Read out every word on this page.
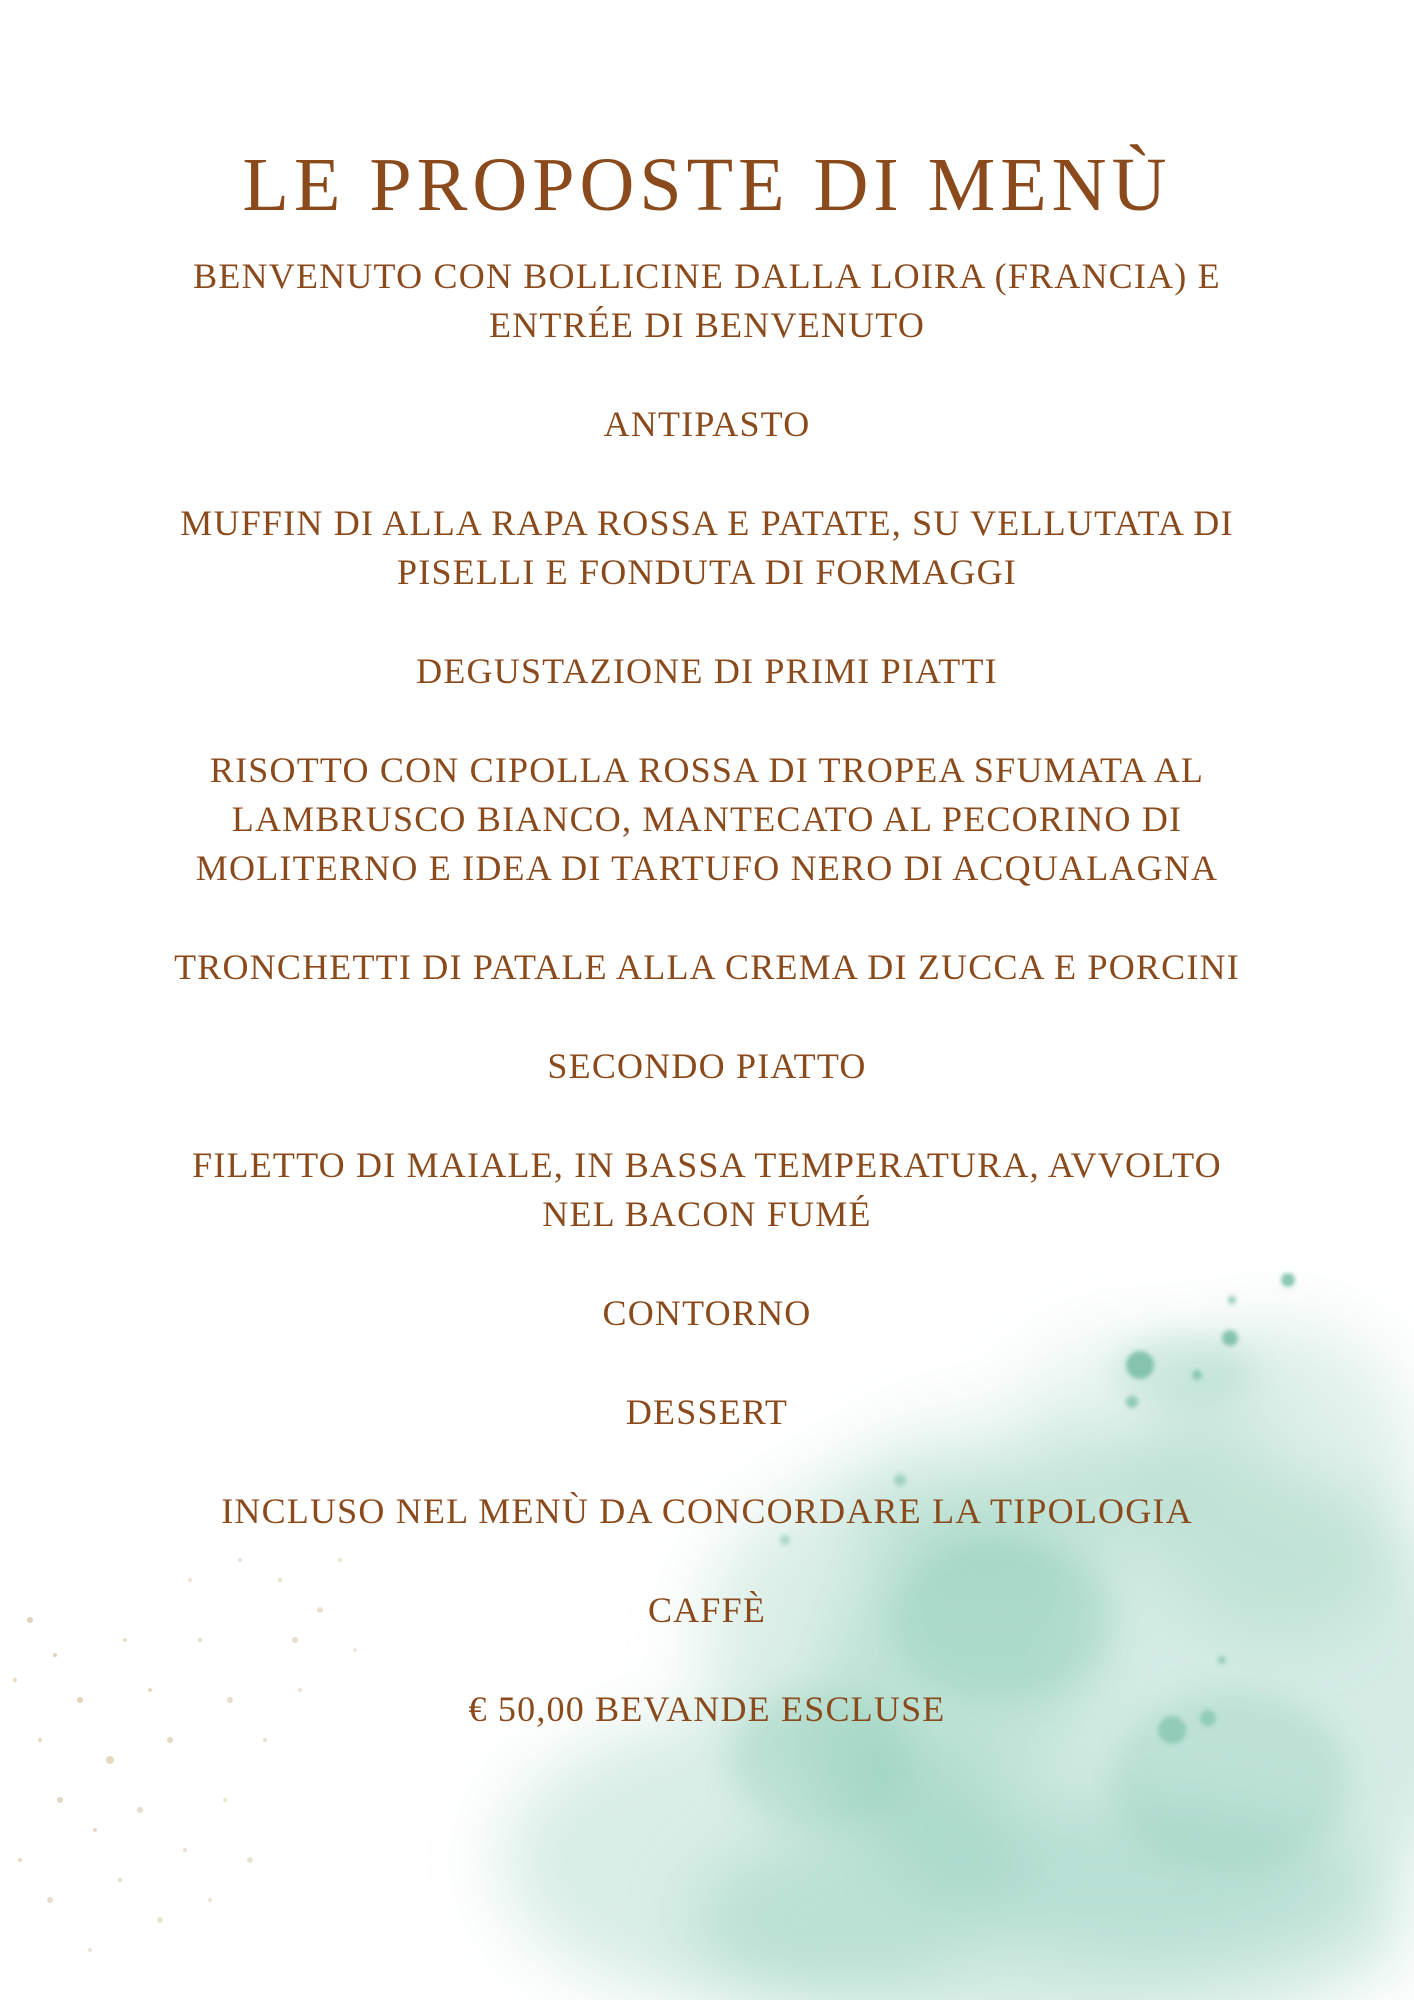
LE PROPOSTE DI MENÙ
BENVENUTO CON BOLLICINE DALLA LOIRA (FRANCIA) E
ENTRÉE DI BENVENUTO
ANTIPASTO
MUFFIN DI ALLA RAPA ROSSA E PATATE, SU VELLUTATA DI
PISELLI E FONDUTA DI FORMAGGI
DEGUSTAZIONE DI PRIMI PIATTI
RISOTTO CON CIPOLLA ROSSA DI TROPEA SFUMATA AL
LAMBRUSCO BIANCO, MANTECATO AL PECORINO DI
MOLITERNO E IDEA DI TARTUFO NERO DI ACQUALAGNA
TRONCHETTI DI PATALE ALLA CREMA DI ZUCCA E PORCINI
SECONDO PIATTO
FILETTO DI MAIALE, IN BASSA TEMPERATURA, AVVOLTO
NEL BACON FUMÉ
CONTORNO
DESSERT
INCLUSO NEL MENÙ DA CONCORDARE LA TIPOLOGIA
CAFFÈ
€ 50,00 BEVANDE ESCLUSE
